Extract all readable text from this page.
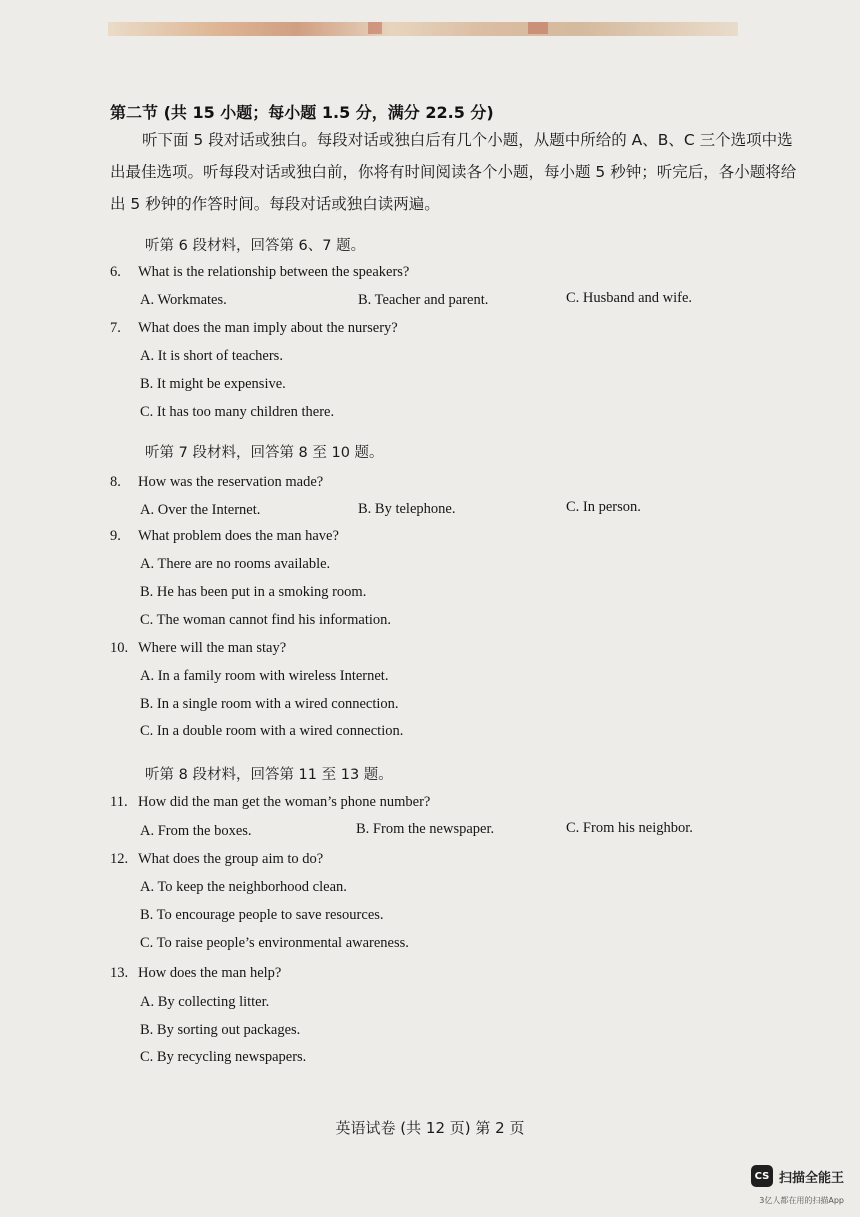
第二节 (共 15 小题；每小题 1.5 分，满分 22.5 分)
听下面 5 段对话或独白。每段对话或独白后有几个小题，从题中所给的 A、B、C 三个选项中选出最佳选项。听每段对话或独白前，你将有时间阅读各个小题，每小题 5 秒钟；听完后，各小题将给出 5 秒钟的作答时间。每段对话或独白读两遍。
听第 6 段材料，回答第 6、7 题。
6. What is the relationship between the speakers?
A. Workmates.	B. Teacher and parent.	C. Husband and wife.
7. What does the man imply about the nursery?
A. It is short of teachers.
B. It might be expensive.
C. It has too many children there.
听第 7 段材料，回答第 8 至 10 题。
8. How was the reservation made?
A. Over the Internet.	B. By telephone.	C. In person.
9. What problem does the man have?
A. There are no rooms available.
B. He has been put in a smoking room.
C. The woman cannot find his information.
10. Where will the man stay?
A. In a family room with wireless Internet.
B. In a single room with a wired connection.
C. In a double room with a wired connection.
听第 8 段材料，回答第 11 至 13 题。
11. How did the man get the woman’s phone number?
A. From the boxes.	B. From the newspaper.	C. From his neighbor.
12. What does the group aim to do?
A. To keep the neighborhood clean.
B. To encourage people to save resources.
C. To raise people’s environmental awareness.
13. How does the man help?
A. By collecting litter.
B. By sorting out packages.
C. By recycling newspapers.
英语试卷 (共 12 页) 第 2 页
CS 扫描全能王
3亿人都在用的扫描App
